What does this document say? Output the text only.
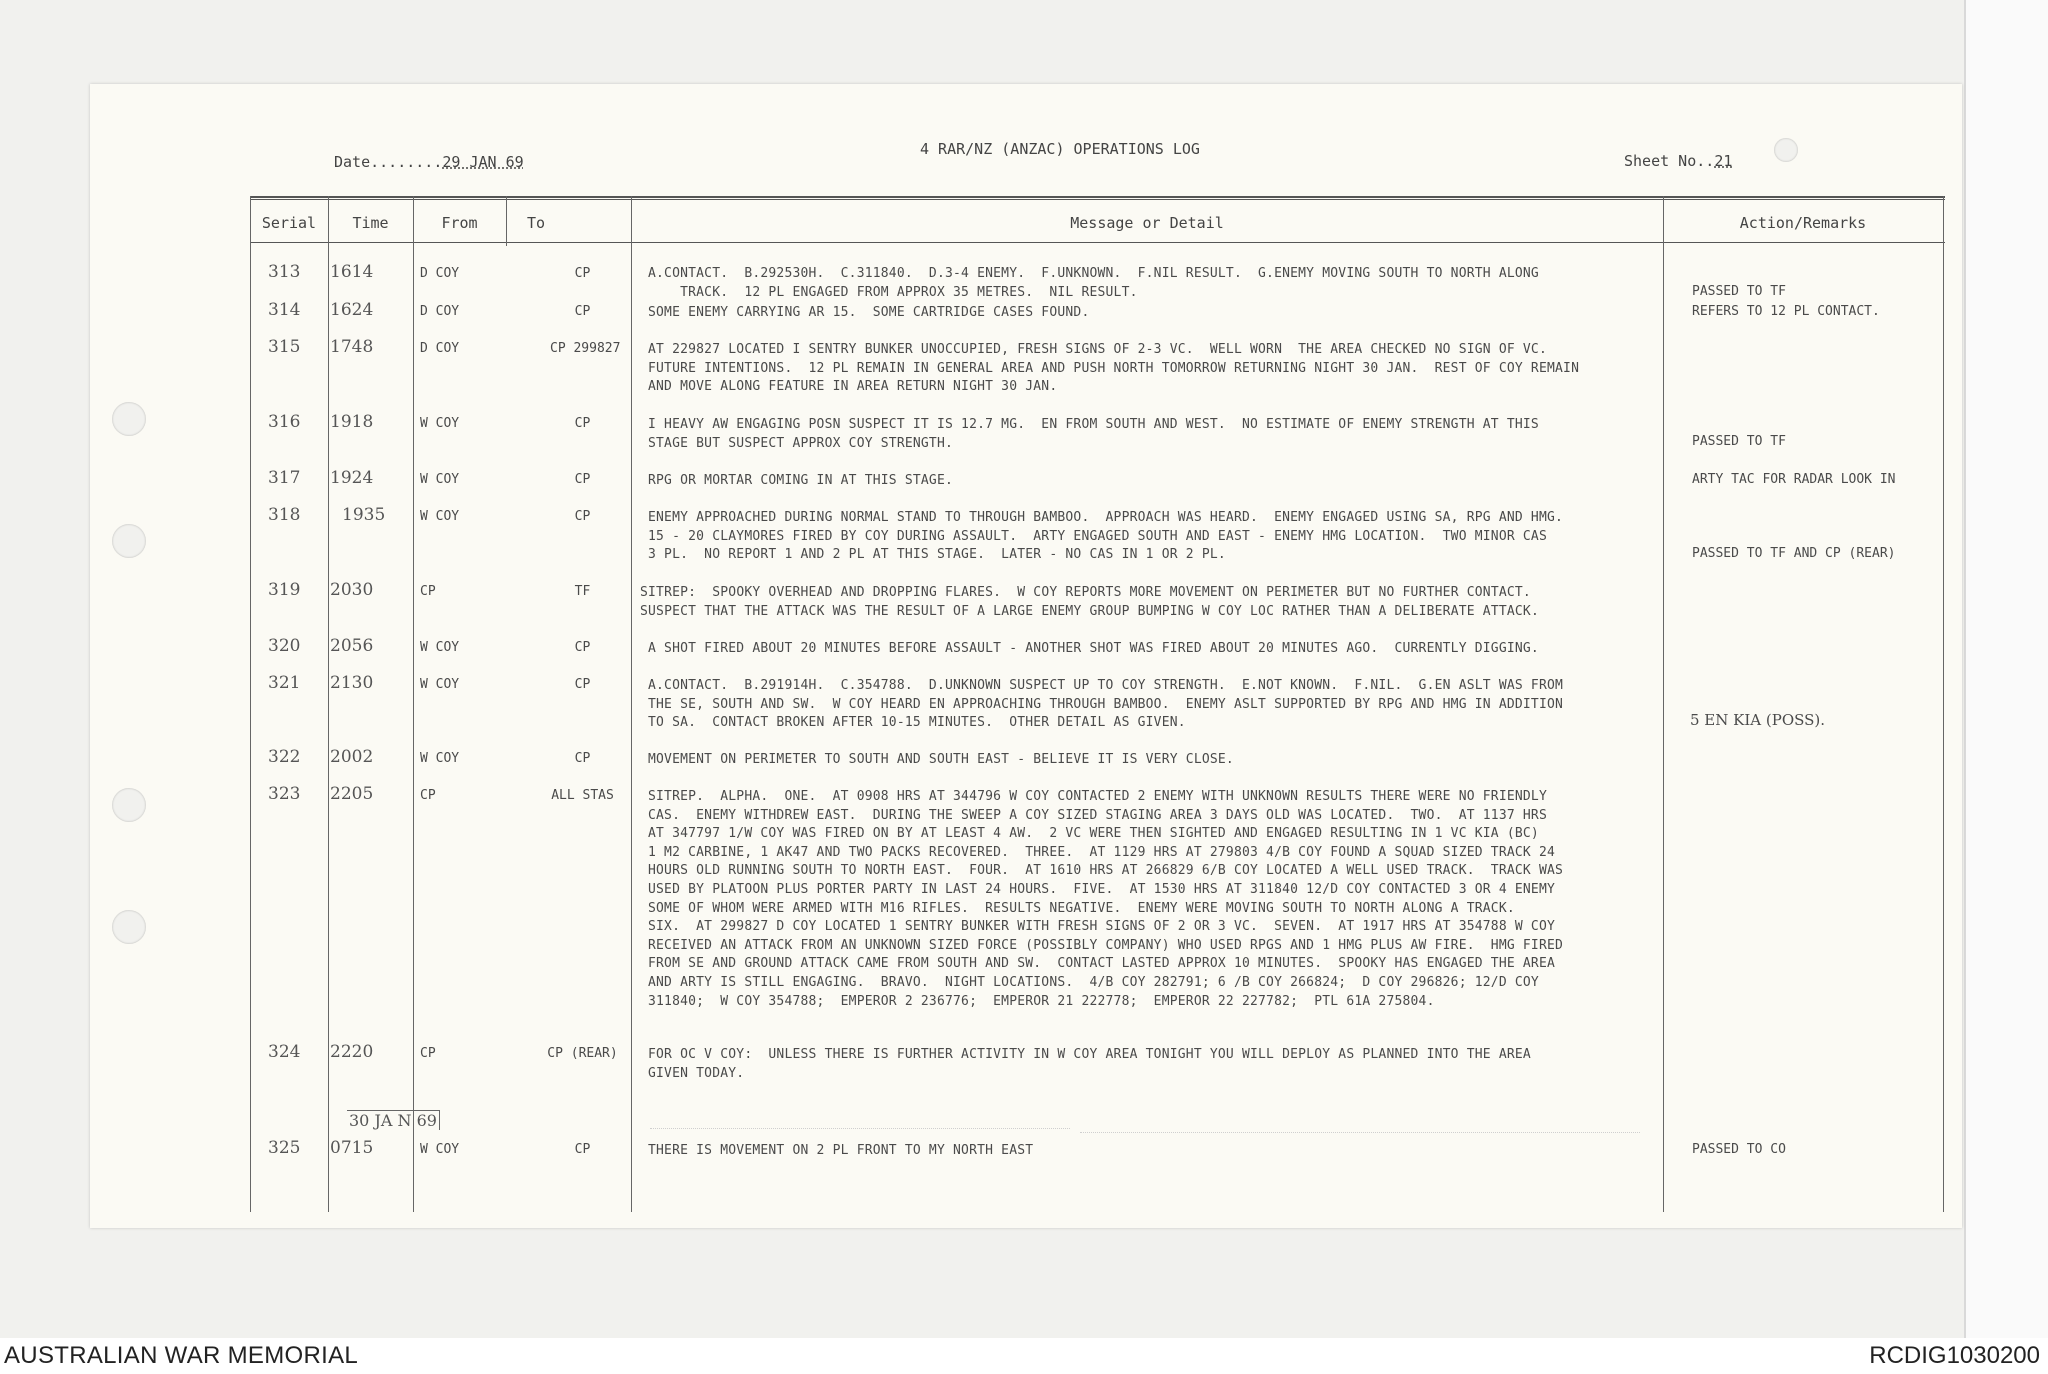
Date........29 JAN 69
4 RAR/NZ (ANZAC) OPERATIONS LOG
Sheet No..21
Serial	Time	From	To	Message or Detail	Action/Remarks
313	1614	D COY	CP	A.CONTACT.  B.292530H.  C.311840.  D.3-4 ENEMY.  F.UNKNOWN.  F.NIL RESULT.  G.ENEMY MOVING SOUTH TO NORTH ALONG
TRACK.  12 PL ENGAGED FROM APPROX 35 METRES.  NIL RESULT.	PASSED TO TF
314	1624	D COY	CP	SOME ENEMY CARRYING AR 15.  SOME CARTRIDGE CASES FOUND.	REFERS TO 12 PL CONTACT.
315	1748	D COY	CP 299827	AT 229827 LOCATED I SENTRY BUNKER UNOCCUPIED, FRESH SIGNS OF 2-3 VC.  WELL WORN  THE AREA CHECKED NO SIGN OF VC.
FUTURE INTENTIONS.  12 PL REMAIN IN GENERAL AREA AND PUSH NORTH TOMORROW RETURNING NIGHT 30 JAN.  REST OF COY REMAIN
AND MOVE ALONG FEATURE IN AREA RETURN NIGHT 30 JAN.
316	1918	W COY	CP	I HEAVY AW ENGAGING POSN SUSPECT IT IS 12.7 MG.  EN FROM SOUTH AND WEST.  NO ESTIMATE OF ENEMY STRENGTH AT THIS
STAGE BUT SUSPECT APPROX COY STRENGTH.	PASSED TO TF
317	1924	W COY	CP	RPG OR MORTAR COMING IN AT THIS STAGE.	ARTY TAC FOR RADAR LOOK IN
318	1935	W COY	CP	ENEMY APPROACHED DURING NORMAL STAND TO THROUGH BAMBOO.  APPROACH WAS HEARD.  ENEMY ENGAGED USING SA, RPG AND HMG.
15 - 20 CLAYMORES FIRED BY COY DURING ASSAULT.  ARTY ENGAGED SOUTH AND EAST - ENEMY HMG LOCATION.  TWO MINOR CAS
3 PL.  NO REPORT 1 AND 2 PL AT THIS STAGE.  LATER - NO CAS IN 1 OR 2 PL.	PASSED TO TF AND CP (REAR)
319	2030	CP	TF	SITREP:  SPOOKY OVERHEAD AND DROPPING FLARES.  W COY REPORTS MORE MOVEMENT ON PERIMETER BUT NO FURTHER CONTACT.
SUSPECT THAT THE ATTACK WAS THE RESULT OF A LARGE ENEMY GROUP BUMPING W COY LOC RATHER THAN A DELIBERATE ATTACK.
320	2056	W COY	CP	A SHOT FIRED ABOUT 20 MINUTES BEFORE ASSAULT - ANOTHER SHOT WAS FIRED ABOUT 20 MINUTES AGO.  CURRENTLY DIGGING.
321	2130	W COY	CP	A.CONTACT.  B.291914H.  C.354788.  D.UNKNOWN SUSPECT UP TO COY STRENGTH.  E.NOT KNOWN.  F.NIL.  G.EN ASLT WAS FROM
THE SE, SOUTH AND SW.  W COY HEARD EN APPROACHING THROUGH BAMBOO.  ENEMY ASLT SUPPORTED BY RPG AND HMG IN ADDITION
TO SA.  CONTACT BROKEN AFTER 10-15 MINUTES.  OTHER DETAIL AS GIVEN.	5 EN KIA (POSS).
322	2002	W COY	CP	MOVEMENT ON PERIMETER TO SOUTH AND SOUTH EAST - BELIEVE IT IS VERY CLOSE.
323	2205	CP	ALL STAS	SITREP.  ALPHA.  ONE.  AT 0908 HRS AT 344796 W COY CONTACTED 2 ENEMY WITH UNKNOWN RESULTS THERE WERE NO FRIENDLY
CAS.  ENEMY WITHDREW EAST.  DURING THE SWEEP A COY SIZED STAGING AREA 3 DAYS OLD WAS LOCATED.  TWO.  AT 1137 HRS
AT 347797 1/W COY WAS FIRED ON BY AT LEAST 4 AW.  2 VC WERE THEN SIGHTED AND ENGAGED RESULTING IN 1 VC KIA (BC)
1 M2 CARBINE, 1 AK47 AND TWO PACKS RECOVERED.  THREE.  AT 1129 HRS AT 279803 4/B COY FOUND A SQUAD SIZED TRACK 24
HOURS OLD RUNNING SOUTH TO NORTH EAST.  FOUR.  AT 1610 HRS AT 266829 6/B COY LOCATED A WELL USED TRACK.  TRACK WAS
USED BY PLATOON PLUS PORTER PARTY IN LAST 24 HOURS.  FIVE.  AT 1530 HRS AT 311840 12/D COY CONTACTED 3 OR 4 ENEMY
SOME OF WHOM WERE ARMED WITH M16 RIFLES.  RESULTS NEGATIVE.  ENEMY WERE MOVING SOUTH TO NORTH ALONG A TRACK.
SIX.  AT 299827 D COY LOCATED 1 SENTRY BUNKER WITH FRESH SIGNS OF 2 OR 3 VC.  SEVEN.  AT 1917 HRS AT 354788 W COY
RECEIVED AN ATTACK FROM AN UNKNOWN SIZED FORCE (POSSIBLY COMPANY) WHO USED RPGS AND 1 HMG PLUS AW FIRE.  HMG FIRED
FROM SE AND GROUND ATTACK CAME FROM SOUTH AND SW.  CONTACT LASTED APPROX 10 MINUTES.  SPOOKY HAS ENGAGED THE AREA
AND ARTY IS STILL ENGAGING.  BRAVO.  NIGHT LOCATIONS.  4/B COY 282791; 6 /B COY 266824;  D COY 296826; 12/D COY
311840;  W COY 354788;  EMPEROR 2 236776;  EMPEROR 21 222778;  EMPEROR 22 227782;  PTL 61A 275804.
324	2220	CP	CP (REAR)	FOR OC V COY:  UNLESS THERE IS FURTHER ACTIVITY IN W COY AREA TONIGHT YOU WILL DEPLOY AS PLANNED INTO THE AREA
GIVEN TODAY.
30 JA N 69
325	0715	W COY	CP	THERE IS MOVEMENT ON 2 PL FRONT TO MY NORTH EAST	PASSED TO CO
AUSTRALIAN WAR MEMORIAL	RCDIG1030200
